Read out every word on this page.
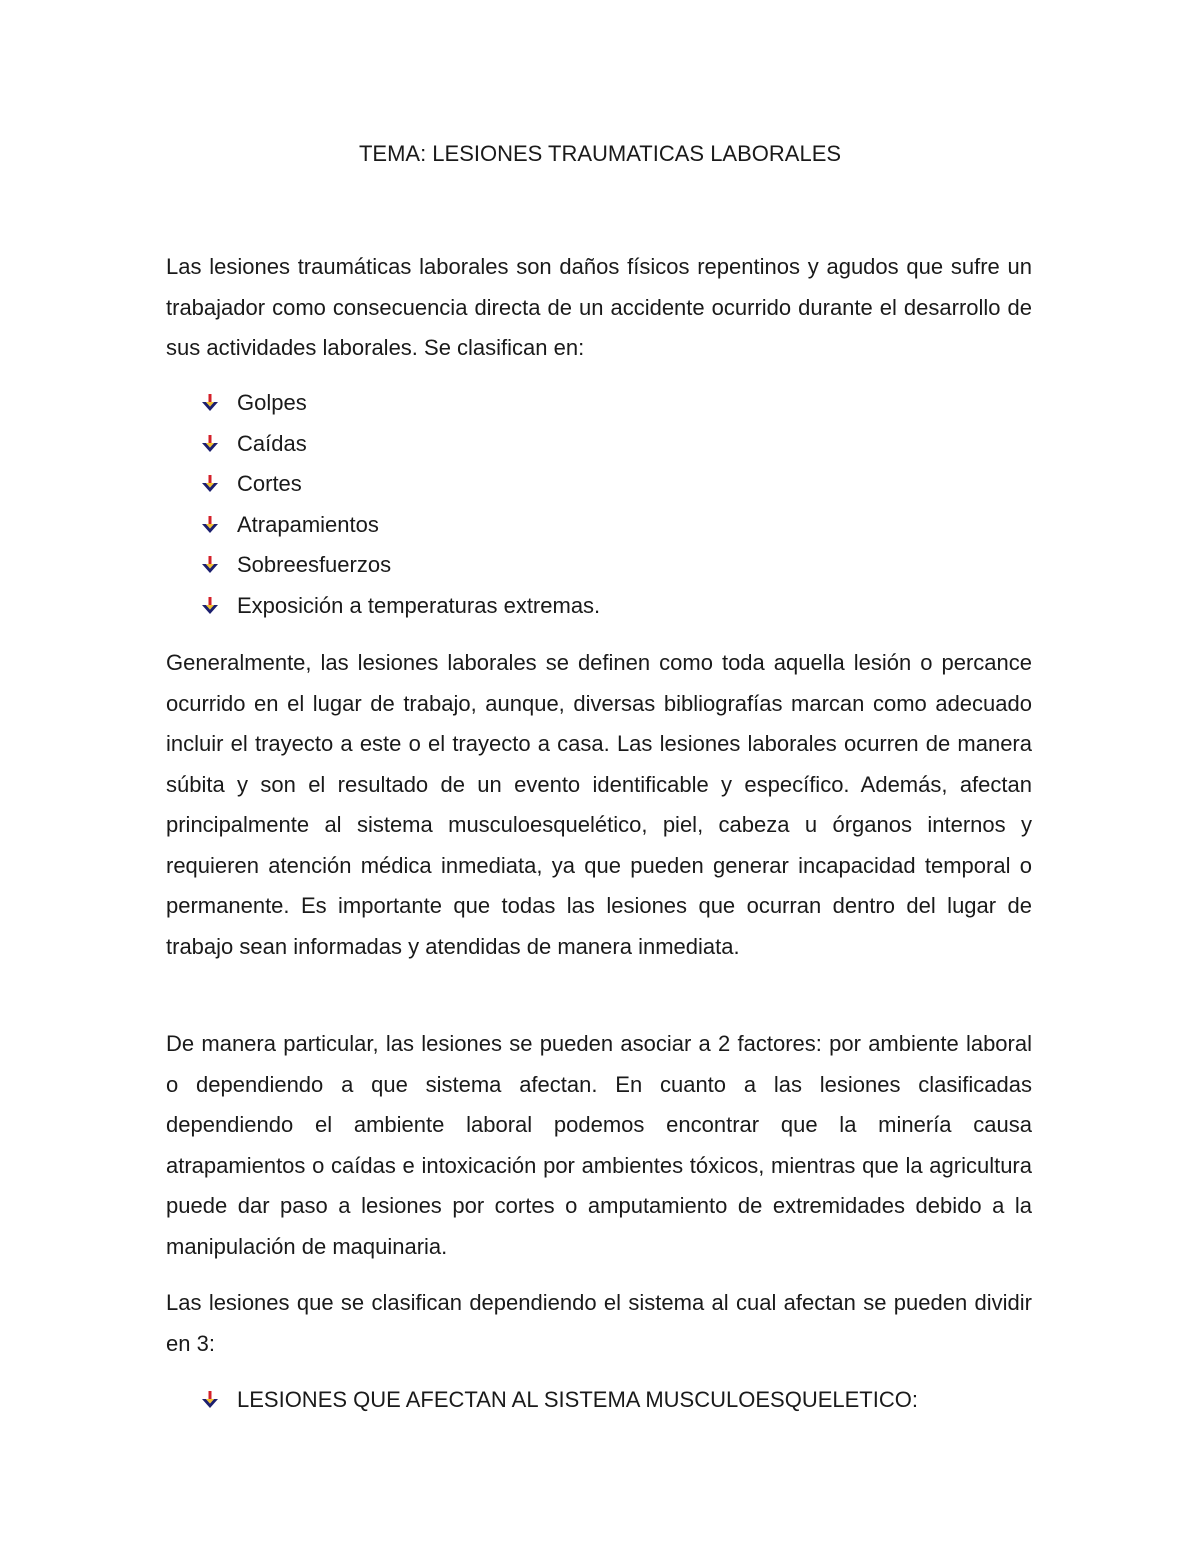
TEMA: LESIONES TRAUMATICAS LABORALES

Las lesiones traumáticas laborales son daños físicos repentinos y agudos que sufre un trabajador como consecuencia directa de un accidente ocurrido durante el desarrollo de sus actividades laborales. Se clasifican en:

Golpes
Caídas
Cortes
Atrapamientos
Sobreesfuerzos
Exposición a temperaturas extremas.

Generalmente, las lesiones laborales se definen como toda aquella lesión o percance ocurrido en el lugar de trabajo, aunque, diversas bibliografías marcan como adecuado incluir el trayecto a este o el trayecto a casa. Las lesiones laborales ocurren de manera súbita y son el resultado de un evento identificable y específico. Además, afectan principalmente al sistema musculoesquelético, piel, cabeza u órganos internos y requieren atención médica inmediata, ya que pueden generar incapacidad temporal o permanente. Es importante que todas las lesiones que ocurran dentro del lugar de trabajo sean informadas y atendidas de manera inmediata.

De manera particular, las lesiones se pueden asociar a 2 factores: por ambiente laboral o dependiendo a que sistema afectan. En cuanto a las lesiones clasificadas dependiendo el ambiente laboral podemos encontrar que la minería causa atrapamientos o caídas e intoxicación por ambientes tóxicos, mientras que la agricultura puede dar paso a lesiones por cortes o amputamiento de extremidades debido a la manipulación de maquinaria.

Las lesiones que se clasifican dependiendo el sistema al cual afectan se pueden dividir en 3:

LESIONES QUE AFECTAN AL SISTEMA MUSCULOESQUELETICO:
